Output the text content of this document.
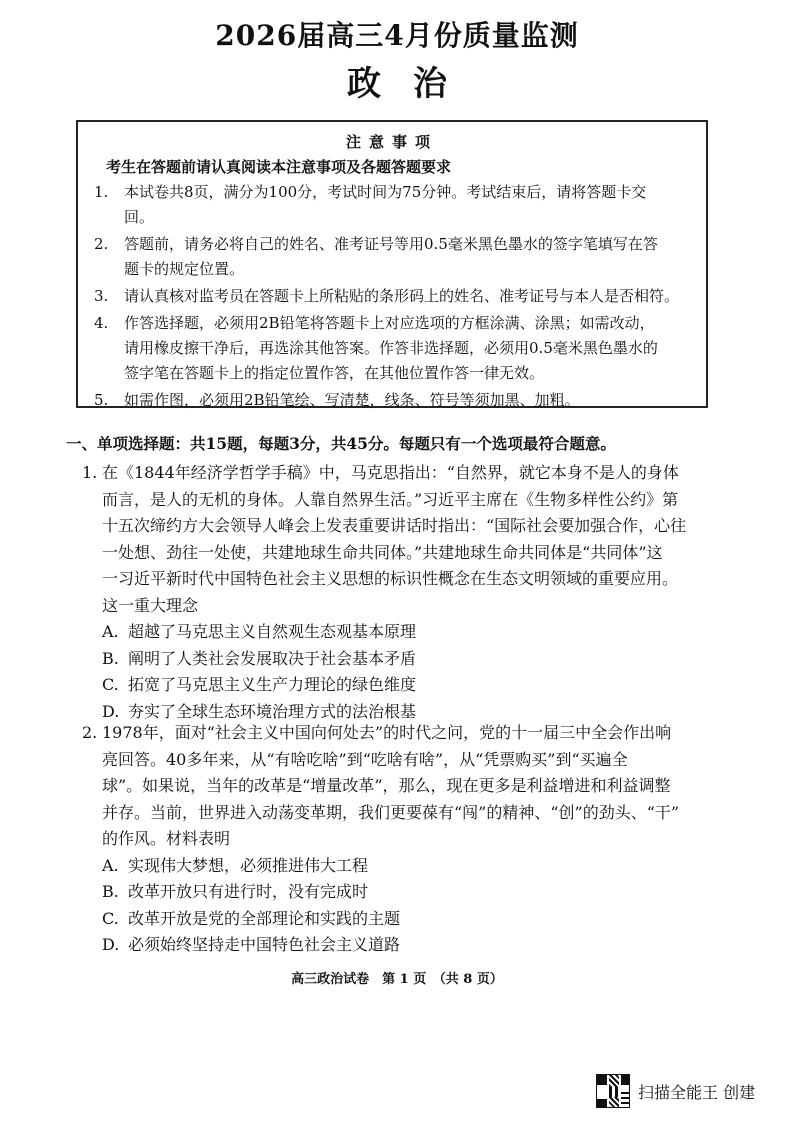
2026届高三4月份质量监测
政治
注意事项
考生在答题前请认真阅读本注意事项及各题答题要求
1.	本试卷共8页，满分为100分，考试时间为75分钟。考试结束后，请将答题卡交
回。
2.	答题前，请务必将自己的姓名、准考证号等用0.5毫米黑色墨水的签字笔填写在答
题卡的规定位置。
3.	请认真核对监考员在答题卡上所粘贴的条形码上的姓名、准考证号与本人是否相符。
4.	作答选择题，必须用2B铅笔将答题卡上对应选项的方框涂满、涂黑；如需改动，
请用橡皮擦干净后，再选涂其他答案。作答非选择题，必须用0.5毫米黑色墨水的
签字笔在答题卡上的指定位置作答，在其他位置作答一律无效。
5.	如需作图，必须用2B铅笔绘、写清楚，线条、符号等须加黑、加粗。
一、单项选择题：共15题，每题3分，共45分。每题只有一个选项最符合题意。
1. 在《1844年经济学哲学手稿》中，马克思指出：“自然界，就它本身不是人的身体
而言，是人的无机的身体。人靠自然界生活。”习近平主席在《生物多样性公约》第
十五次缔约方大会领导人峰会上发表重要讲话时指出：“国际社会要加强合作，心往
一处想、劲往一处使，共建地球生命共同体。”共建地球生命共同体是“共同体”这
一习近平新时代中国特色社会主义思想的标识性概念在生态文明领域的重要应用。
这一重大理念
A. 超越了马克思主义自然观生态观基本原理
B. 阐明了人类社会发展取决于社会基本矛盾
C. 拓宽了马克思主义生产力理论的绿色维度
D. 夯实了全球生态环境治理方式的法治根基
2. 1978年，面对“社会主义中国向何处去”的时代之问，党的十一届三中全会作出响
亮回答。40多年来，从“有啥吃啥”到“吃啥有啥”，从“凭票购买”到“买遍全
球”。如果说，当年的改革是“增量改革”，那么，现在更多是利益增进和利益调整
并存。当前，世界进入动荡变革期，我们更要葆有“闯”的精神、“创”的劲头、“干”
的作风。材料表明
A. 实现伟大梦想，必须推进伟大工程
B. 改革开放只有进行时，没有完成时
C. 改革开放是党的全部理论和实践的主题
D. 必须始终坚持走中国特色社会主义道路
高三政治试卷　第 1 页　（共 8 页）
扫描全能王 创建
